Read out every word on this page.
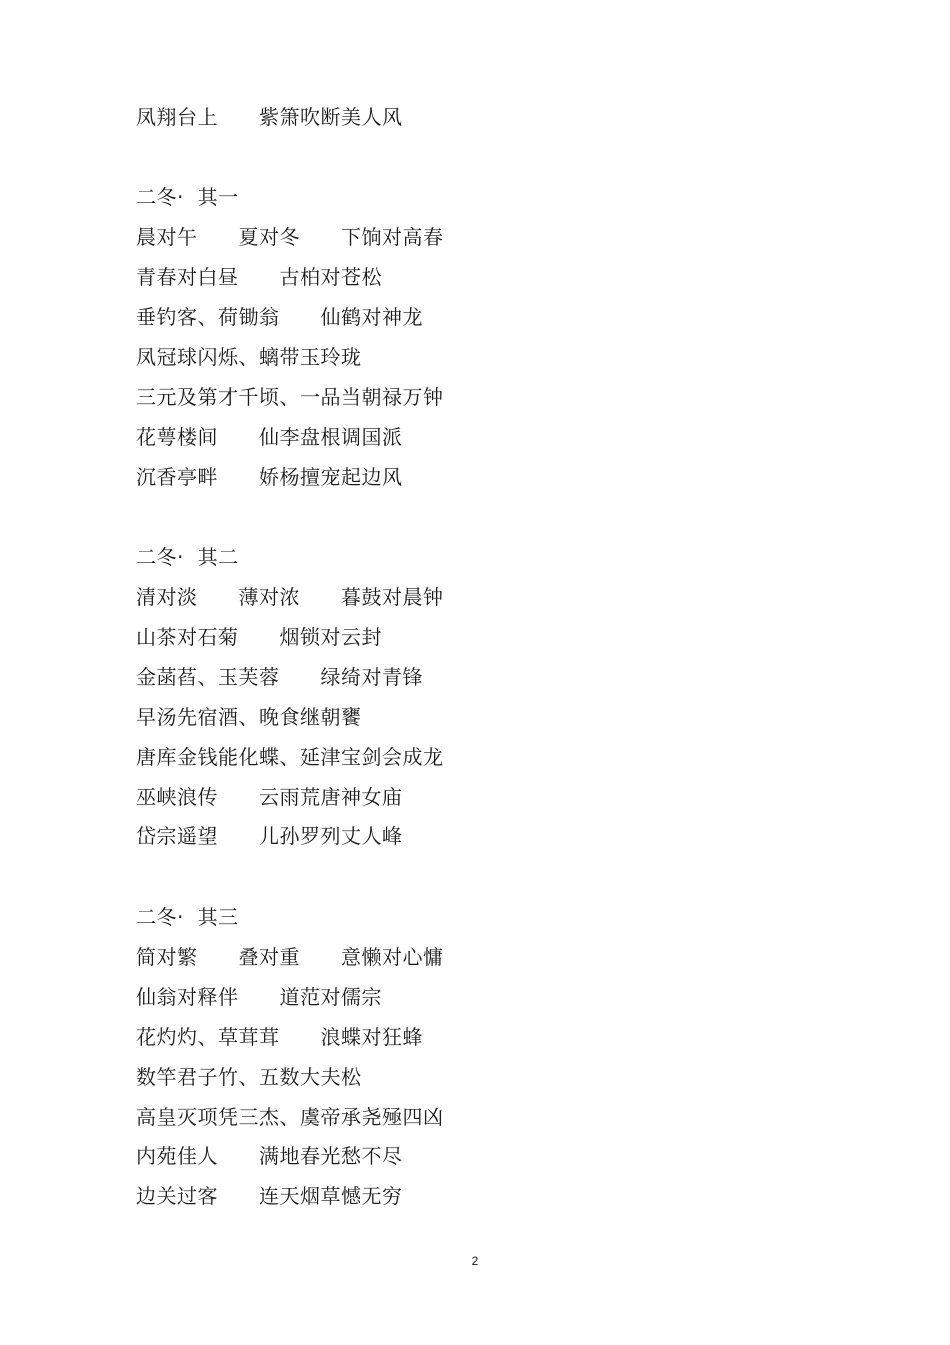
凤翔台上　　紫箫吹断美人风
二冬·  其一
晨对午　　夏对冬　　下饷对高春
青春对白昼　　古柏对苍松
垂钓客、荷锄翁　　仙鹤对神龙
凤冠球闪烁、螭带玉玲珑
三元及第才千顷、一品当朝禄万钟
花萼楼间　　仙李盘根调国派
沉香亭畔　　娇杨擅宠起边风
二冬·  其二
清对淡　　薄对浓　　暮鼓对晨钟
山茶对石菊　　烟锁对云封
金菡萏、玉芙蓉　　绿绮对青锋
早汤先宿酒、晚食继朝饔
唐库金钱能化蝶、延津宝剑会成龙
巫峡浪传　　云雨荒唐神女庙
岱宗遥望　　儿孙罗列丈人峰
二冬·  其三
简对繁　　叠对重　　意懒对心慵
仙翁对释伴　　道范对儒宗
花灼灼、草茸茸　　浪蝶对狂蜂
数竿君子竹、五数大夫松
高皇灭项凭三杰、虞帝承尧殛四凶
内苑佳人　　满地春光愁不尽
边关过客　　连天烟草憾无穷
2
